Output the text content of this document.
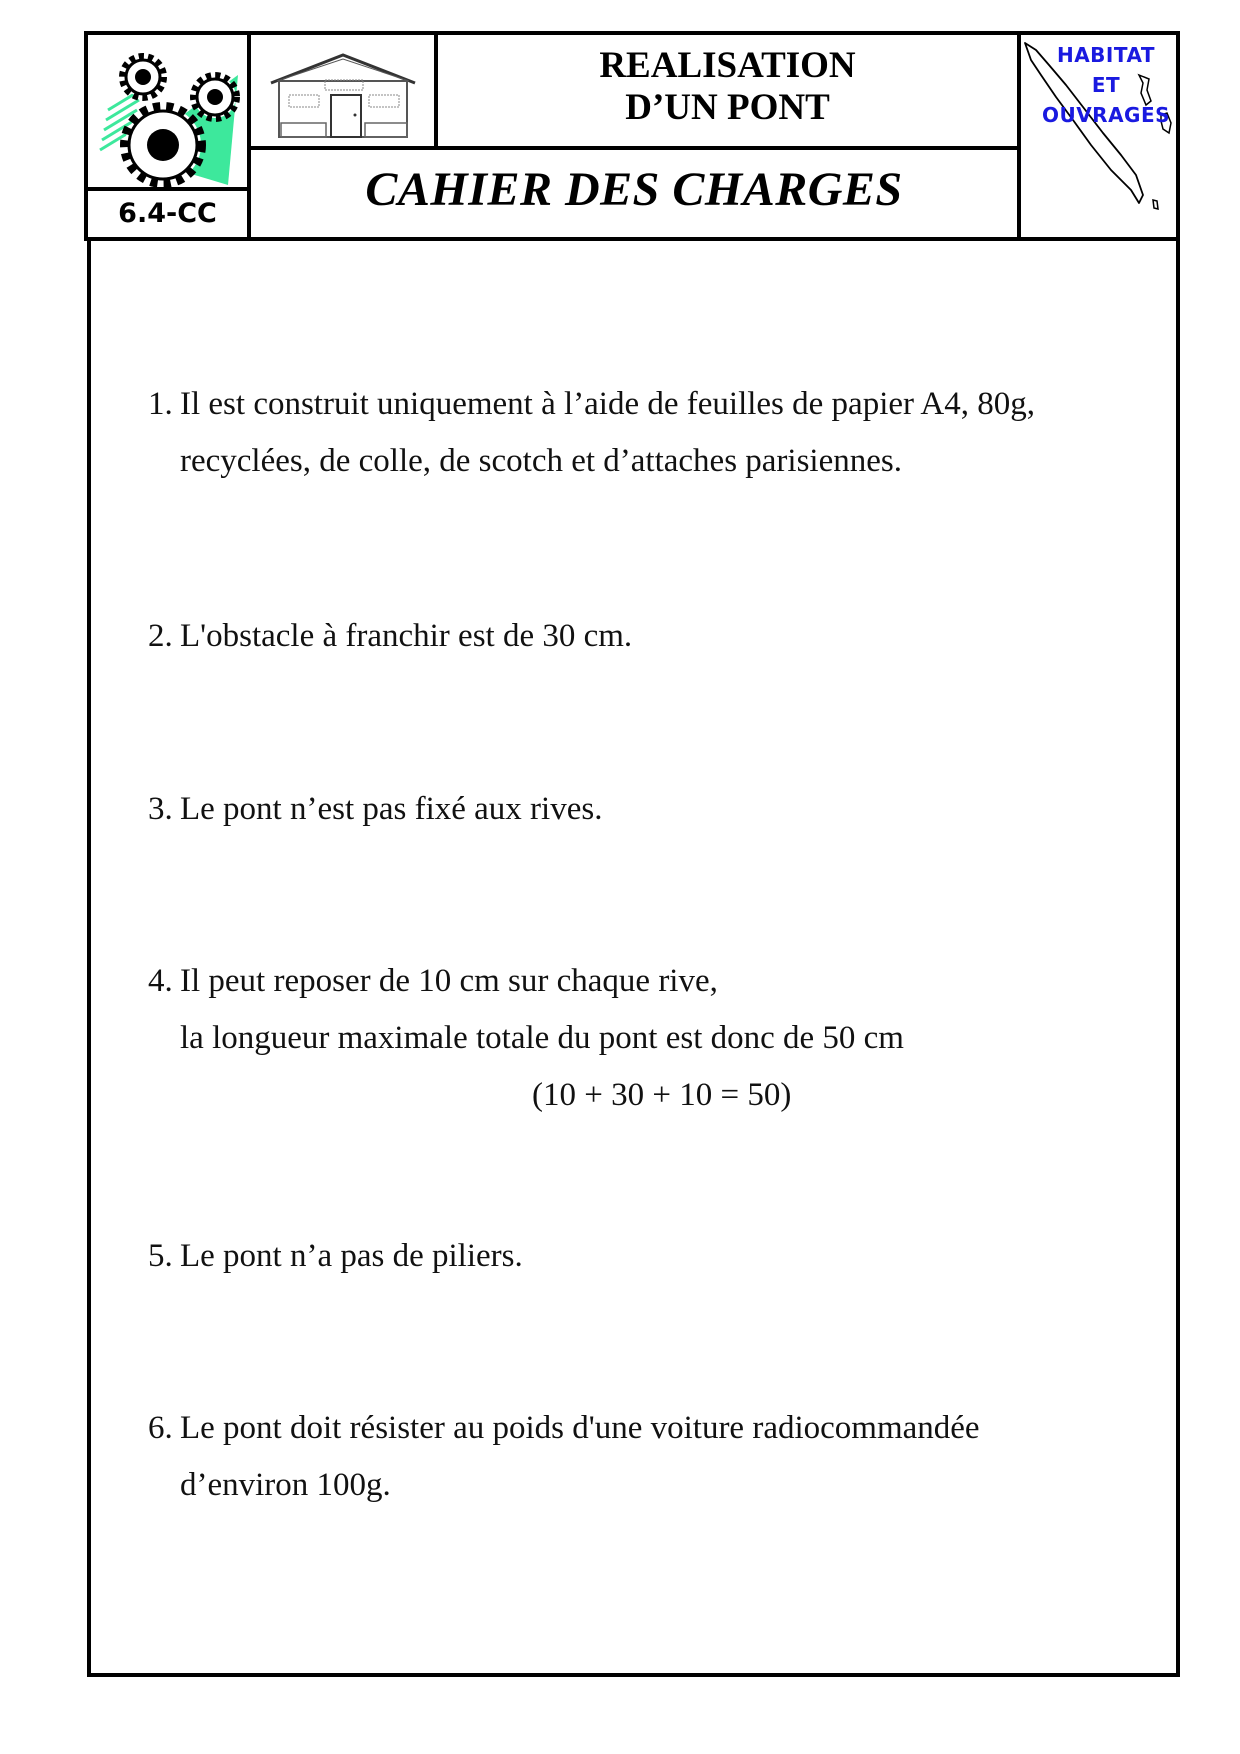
6.4-CC
REALISATION
D’UN PONT
CAHIER DES CHARGES
HABITAT
ET
OUVRAGES
1. Il est construit uniquement à l’aide de feuilles de papier A4, 80g,
recyclées, de colle, de scotch et d’attaches parisiennes.
2. L'obstacle à franchir est de 30 cm.
3. Le pont n’est pas fixé aux rives.
4. Il peut reposer de 10 cm sur chaque rive,
la longueur maximale totale du pont est donc de 50 cm
(10 + 30 + 10 = 50)
5. Le pont n’a pas de piliers.
6. Le pont doit résister au poids d'une voiture radiocommandée
d’environ 100g.
